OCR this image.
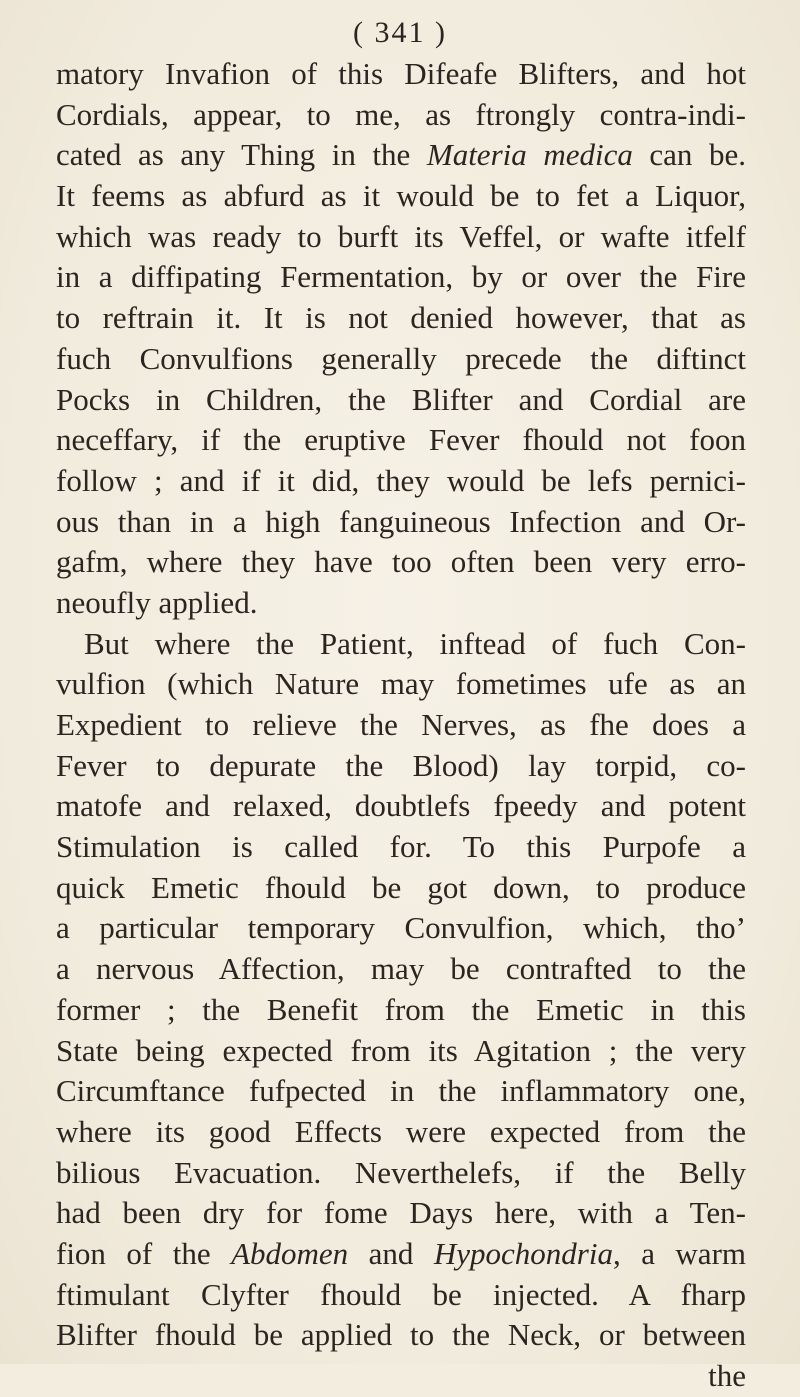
( 341 )
matory Invafion of this Difeafe Blifters, and hot
Cordials, appear, to me, as ftrongly contra-indi-
cated as any Thing in the Materia medica can be.
It feems as abfurd as it would be to fet a Liquor,
which was ready to burft its Veffel, or wafte itfelf
in a diffipating Fermentation, by or over the Fire
to reftrain it. It is not denied however, that as
fuch Convulfions generally precede the diftinct
Pocks in Children, the Blifter and Cordial are
neceffary, if the eruptive Fever fhould not foon
follow ; and if it did, they would be lefs pernici-
ous than in a high fanguineous Infection and Or-
gafm, where they have too often been very erro-
neoufly applied.
But where the Patient, inftead of fuch Con-
vulfion (which Nature may fometimes ufe as an
Expedient to relieve the Nerves, as fhe does a
Fever to depurate the Blood) lay torpid, co-
matofe and relaxed, doubtlefs fpeedy and potent
Stimulation is called for. To this Purpofe a
quick Emetic fhould be got down, to produce
a particular temporary Convulfion, which, tho’
a nervous Affection, may be contrafted to the
former ; the Benefit from the Emetic in this
State being expected from its Agitation ; the very
Circumftance fufpected in the inflammatory one,
where its good Effects were expected from the
bilious Evacuation. Neverthelefs, if the Belly
had been dry for fome Days here, with a Ten-
fion of the Abdomen and Hypochondria, a warm
ftimulant Clyfter fhould be injected. A fharp
Blifter fhould be applied to the Neck, or between
the
